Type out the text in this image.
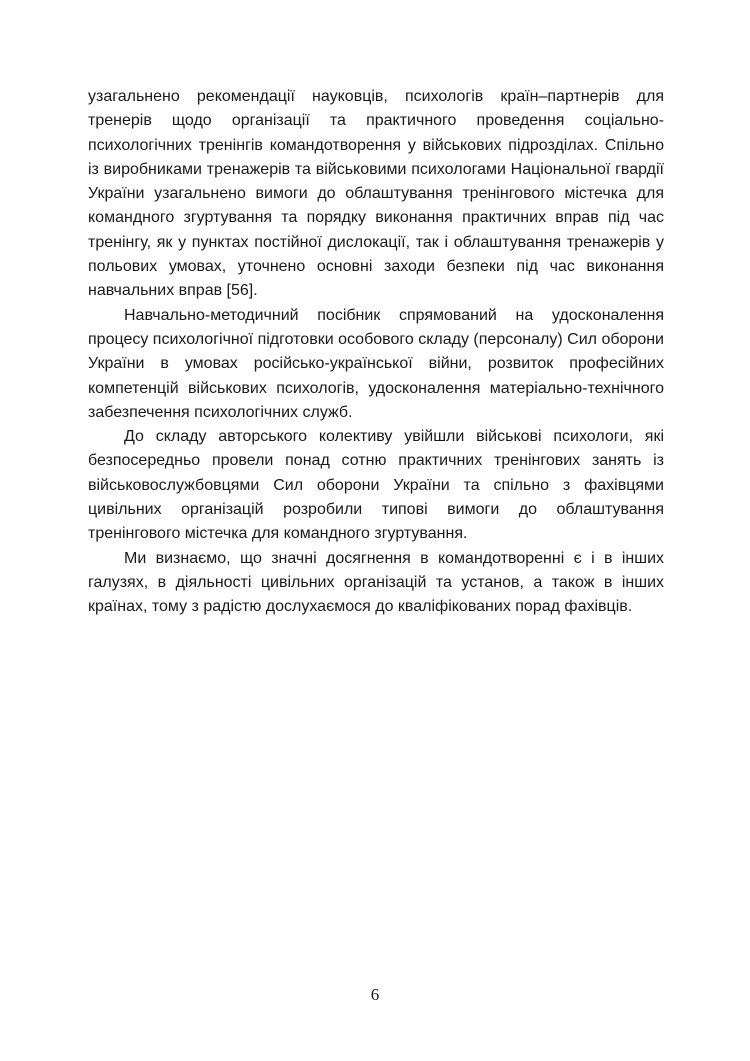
узагальнено рекомендації науковців, психологів країн–партнерів для тренерів щодо організації та практичного проведення соціально-психологічних тренінгів командотворення у військових підрозділах. Спільно із виробниками тренажерів та військовими психологами Національної гвардії України узагальнено вимоги до облаштування тренінгового містечка для командного згуртування та порядку виконання практичних вправ під час тренінгу, як у пунктах постійної дислокації, так і облаштування тренажерів у польових умовах, уточнено основні заходи безпеки під час виконання навчальних вправ [56].

Навчально-методичний посібник спрямований на удосконалення процесу психологічної підготовки особового складу (персоналу) Сил оборони України в умовах російсько-української війни, розвиток професійних компетенцій військових психологів, удосконалення матеріально-технічного забезпечення психологічних служб.

До складу авторського колективу увійшли військові психологи, які безпосередньо провели понад сотню практичних тренінгових занять із військовослужбовцями Сил оборони України та спільно з фахівцями цивільних організацій розробили типові вимоги до облаштування тренінгового містечка для командного згуртування.

Ми визнаємо, що значні досягнення в командотворенні є і в інших галузях, в діяльності цивільних організацій та установ, а також в інших країнах, тому з радістю дослухаємося до кваліфікованих порад фахівців.

6
